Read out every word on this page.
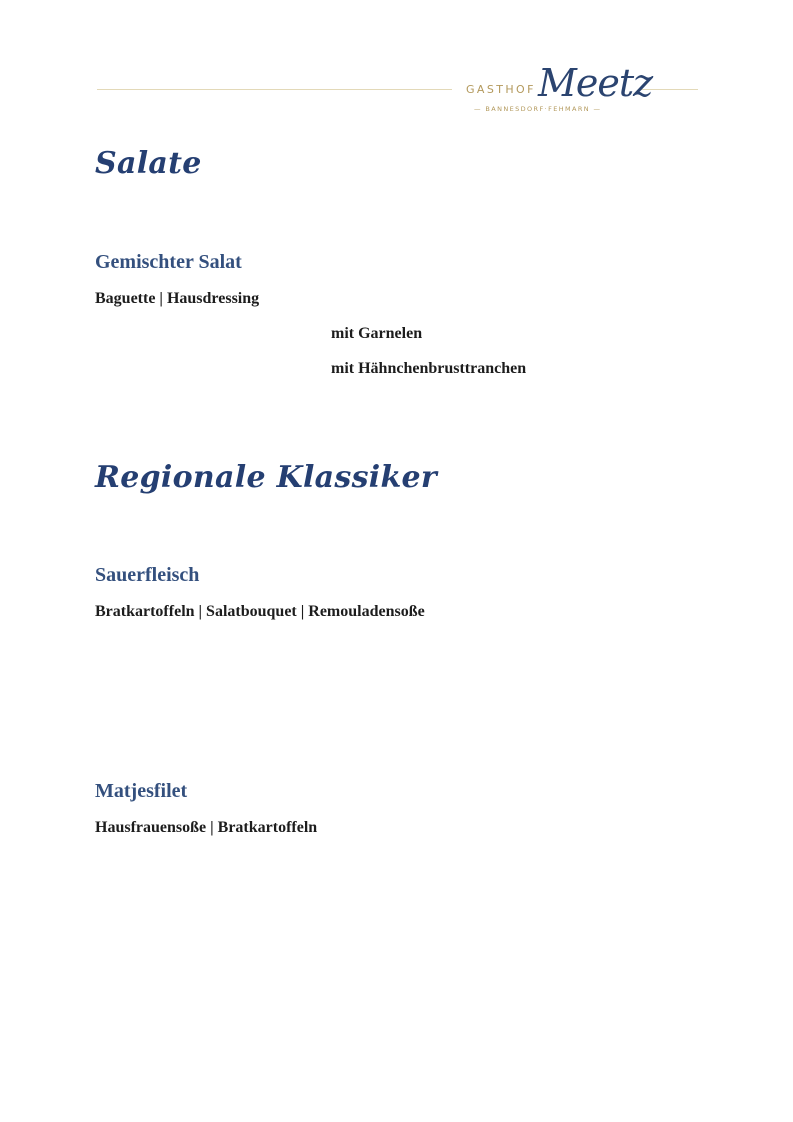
GASTHOF Meetz
— BANNESDORF·FEHMARN —
Salate
Gemischter Salat

Baguette | Hausdressing

mit Garnelen

mit Hähnchenbrusttranchen

Regionale Klassiker
Sauerfleisch

Bratkartoffeln | Salatbouquet | Remouladensoße

Matjesfilet

Hausfrauensoße | Bratkartoffeln
